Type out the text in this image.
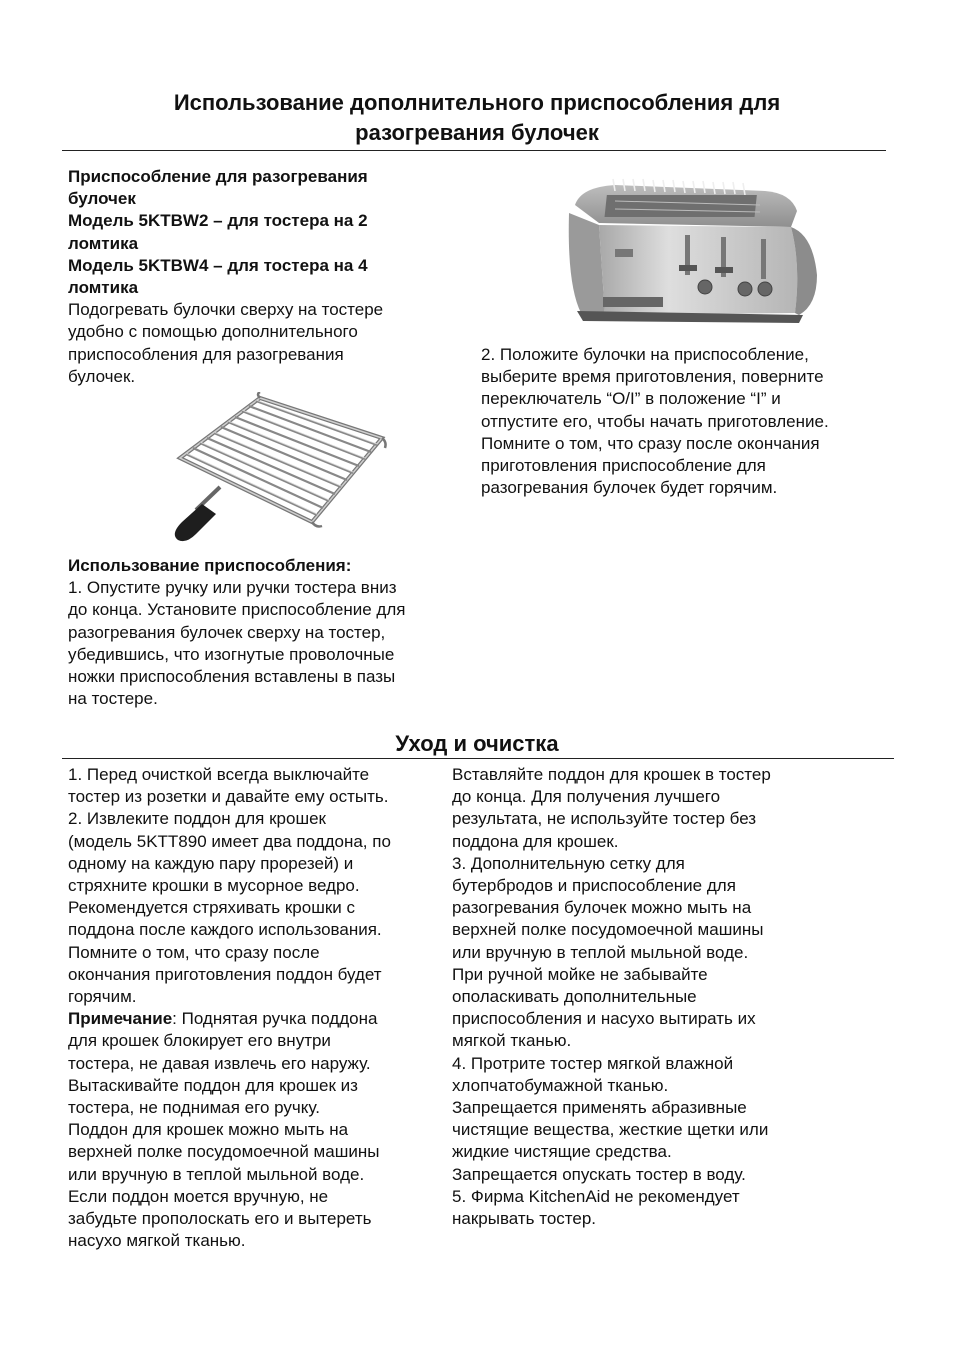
Использование дополнительного приспособления для
разогревания булочек

Приспособление для разогревания

булочек

Модель 5KTBW2 – для тостера на 2

ломтика

Модель 5KTBW4 – для тостера на 4

ломтика

Подогревать булочки сверху на тостере

удобно с помощью дополнительного

приспособления для разогревания

булочек.

Использование приспособления:

1. Опустите ручку или ручки тостера вниз

до конца. Установите приспособление для

разогревания булочек сверху на тостер,

убедившись, что изогнутые проволочные

ножки приспособления вставлены в пазы

на тостере.

2. Положите булочки на приспособление,

выберите время приготовления, поверните

переключатель “O/I” в положение “I” и

отпустите его, чтобы начать приготовление.

Помните о том, что сразу после окончания

приготовления приспособление для

разогревания булочек будет горячим.

Уход и очистка

1. Перед очисткой всегда выключайте

тостер из розетки и давайте ему остыть.

2. Извлеките поддон для крошек

(модель 5KTT890 имеет два поддона, по

одному на каждую пару прорезей) и

стряхните крошки в мусорное ведро.

Рекомендуется стряхивать крошки с

поддона после каждого использования.

Помните о том, что сразу после

окончания приготовления поддон будет

горячим.

Примечание: Поднятая ручка поддона

для крошек блокирует его внутри

тостера, не давая извлечь его наружу.

Вытаскивайте поддон для крошек из

тостера, не поднимая его ручку.

Поддон для крошек можно мыть на

верхней полке посудомоечной машины

или вручную в теплой мыльной воде.

Если поддон моется вручную, не

забудьте прополоскать его и вытереть

насухо мягкой тканью.

Вставляйте поддон для крошек в тостер

до конца. Для получения лучшего

результата, не используйте тостер без

поддона для крошек.

3. Дополнительную сетку для

бутербродов и приспособление для

разогревания булочек можно мыть на

верхней полке посудомоечной машины

или вручную в теплой мыльной воде.

При ручной мойке не забывайте

ополаскивать дополнительные

приспособления и насухо вытирать их

мягкой тканью.

4. Протрите тостер мягкой влажной

хлопчатобумажной тканью.

Запрещается применять абразивные

чистящие вещества, жесткие щетки или

жидкие чистящие средства.

Запрещается опускать тостер в воду.

5. Фирма KitchenAid не рекомендует

накрывать тостер.
